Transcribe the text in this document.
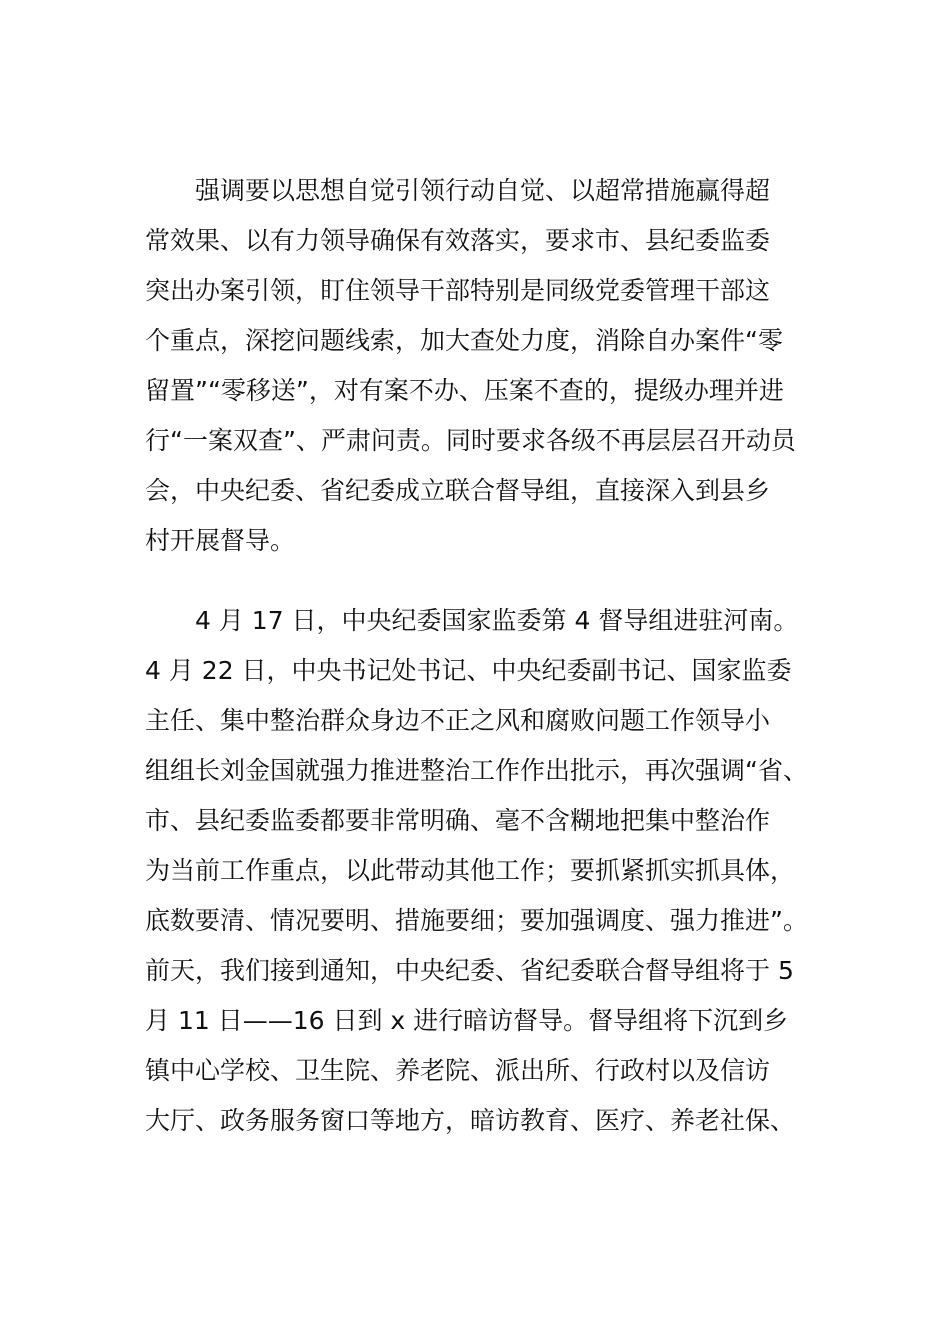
　　强调要以思想自觉引领行动自觉、以超常措施赢得超
常效果、以有力领导确保有效落实，要求市、县纪委监委
突出办案引领，盯住领导干部特别是同级党委管理干部这
个重点，深挖问题线索，加大查处力度，消除自办案件“零
留置”“零移送”，对有案不办、压案不查的，提级办理并进
行“一案双查”、严肃问责。同时要求各级不再层层召开动员
会，中央纪委、省纪委成立联合督导组，直接深入到县乡
村开展督导。
　　4 月 17 日，中央纪委国家监委第 4 督导组进驻河南。
4 月 22 日，中央书记处书记、中央纪委副书记、国家监委
主任、集中整治群众身边不正之风和腐败问题工作领导小
组组长刘金国就强力推进整治工作作出批示，再次强调“省、
市、县纪委监委都要非常明确、毫不含糊地把集中整治作
为当前工作重点，以此带动其他工作；要抓紧抓实抓具体，
底数要清、情况要明、措施要细；要加强调度、强力推进”。
前天，我们接到通知，中央纪委、省纪委联合督导组将于 5
月 11 日——16 日到 x 进行暗访督导。督导组将下沉到乡
镇中心学校、卫生院、养老院、派出所、行政村以及信访
大厅、政务服务窗口等地方，暗访教育、医疗、养老社保、
